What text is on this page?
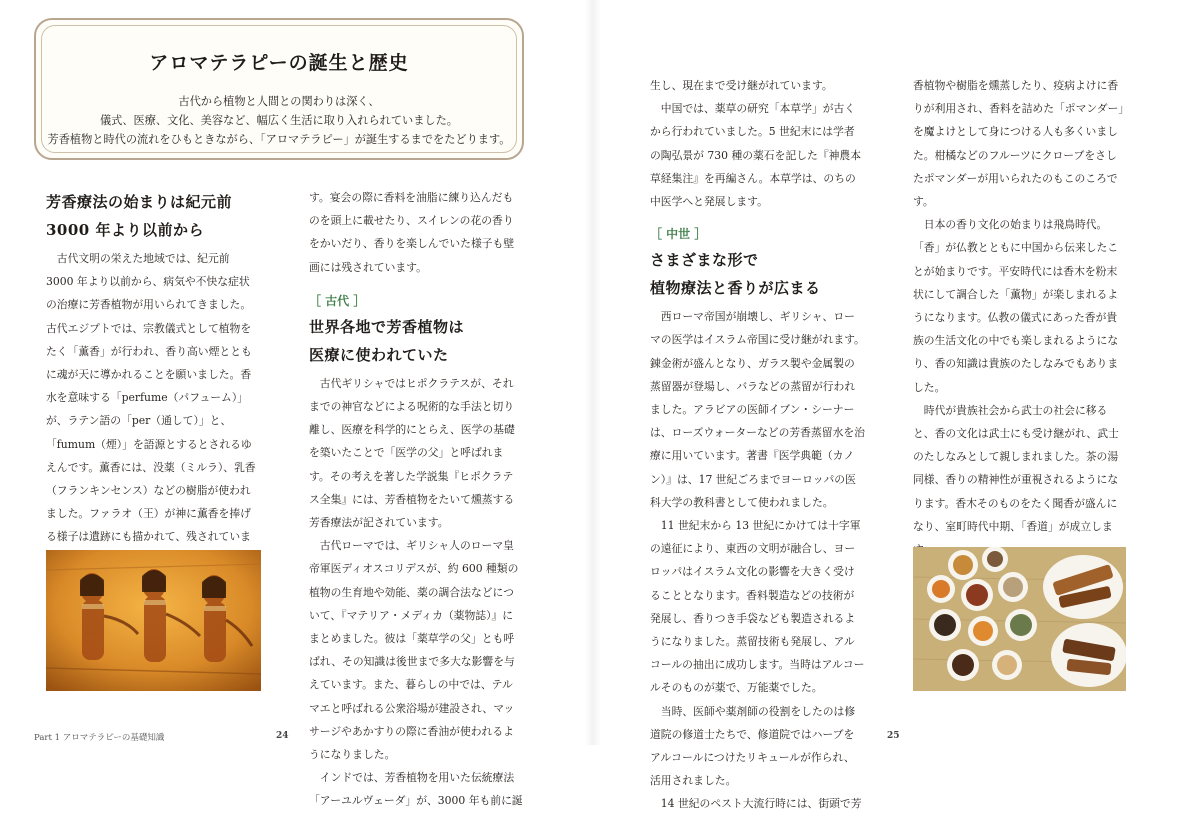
アロマテラピーの誕生と歴史
古代から植物と人間との関わりは深く、
儀式、医療、文化、美容など、幅広く生活に取り入れられていました。
芳香植物と時代の流れをひもときながら、「アロマテラピー」が誕生するまでをたどります。
芳香療法の始まりは紀元前
3000 年より以前から

古代文明の栄えた地域では、紀元前 3000 年より以前から、病気や不快な症状の治療に芳香植物が用いられてきました。古代エジプトでは、宗教儀式として植物をたく「薫香」が行われ、香り高い煙とともに魂が天に導かれることを願いました。香水を意味する「perfume（パフューム）」が、ラテン語の「per（通して）」と、「fumum（煙）」を語源とするとされるゆえんです。薫香には、没薬（ミルラ）、乳香（フランキンセンス）などの樹脂が使われました。ファラオ（王）が神に薫香を捧げる様子は遺跡にも描かれて、残されていま

す。宴会の際に香料を油脂に練り込んだものを頭上に載せたり、スイレンの花の香りをかいだり、香りを楽しんでいた様子も壁画には残されています。

［ 古代 ］

世界各地で芳香植物は
医療に使われていた

古代ギリシャではヒポクラテスが、それまでの神官などによる呪術的な手法と切り離し、医療を科学的にとらえ、医学の基礎を築いたことで「医学の父」と呼ばれます。その考えを著した学説集『ヒポクラテス全集』には、芳香植物をたいて燻蒸する芳香療法が記されています。

古代ローマでは、ギリシャ人のローマ皇帝軍医ディオスコリデスが、約 600 種類の植物の生育地や効能、薬の調合法などについて、『マテリア・メディカ（薬物誌）』にまとめました。彼は「薬草学の父」とも呼ばれ、その知識は後世まで多大な影響を与えています。また、暮らしの中では、テルマエと呼ばれる公衆浴場が建設され、マッサージやあかすりの際に香油が使われるようになりました。

インドでは、芳香植物を用いた伝統療法「アーユルヴェーダ」が、3000 年も前に誕

Part 1 アロマテラピーの基礎知識	24

生し、現在まで受け継がれています。

中国では、薬草の研究「本草学」が古くから行われていました。5 世紀末には学者の陶弘景が 730 種の薬石を記した『神農本草経集注』を再編さん。本草学は、のちの中医学へと発展します。

［ 中世 ］

さまざまな形で
植物療法と香りが広まる

西ローマ帝国が崩壊し、ギリシャ、ローマの医学はイスラム帝国に受け継がれます。錬金術が盛んとなり、ガラス製や金属製の蒸留器が登場し、バラなどの蒸留が行われました。アラビアの医師イブン・シーナーは、ローズウォーターなどの芳香蒸留水を治療に用いています。著書『医学典範（カノン）』は、17 世紀ごろまでヨーロッパの医科大学の教科書として使われました。

11 世紀末から 13 世紀にかけては十字軍の遠征により、東西の文明が融合し、ヨーロッパはイスラム文化の影響を大きく受けることとなります。香料製造などの技術が発展し、香りつき手袋なども製造されるようになりました。蒸留技術も発展し、アルコールの抽出に成功します。当時はアルコールそのものが薬で、万能薬でした。

当時、医師や薬剤師の役割をしたのは修道院の修道士たちで、修道院ではハーブをアルコールにつけたリキュールが作られ、活用されました。

14 世紀のペスト大流行時には、街頭で芳

香植物や樹脂を燻蒸したり、疫病よけに香りが利用され、香料を詰めた「ポマンダー」を魔よけとして身につける人も多くいました。柑橘などのフルーツにクローブをさしたポマンダーが用いられたのもこのころです。

日本の香り文化の始まりは飛鳥時代。「香」が仏教とともに中国から伝来したことが始まりです。平安時代には香木を粉末状にして調合した「薫物」が楽しまれるようになります。仏教の儀式にあった香が貴族の生活文化の中でも楽しまれるようになり、香の知識は貴族のたしなみでもありました。

時代が貴族社会から武士の社会に移ると、香の文化は武士にも受け継がれ、武士のたしなみとして親しまれました。茶の湯同様、香りの精神性が重視されるようになります。香木そのものをたく聞香が盛んになり、室町時代中期、「香道」が成立しま

25
